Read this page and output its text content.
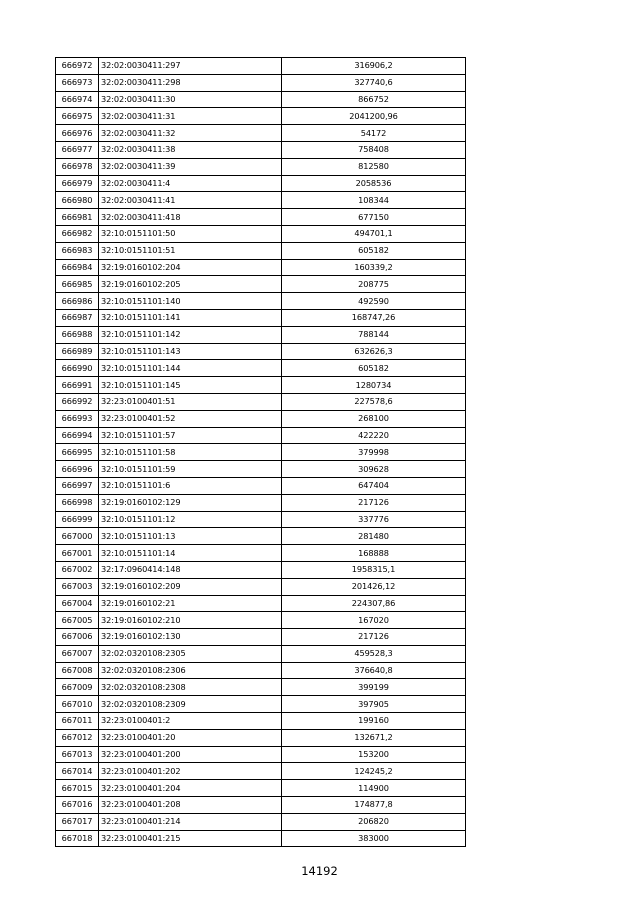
666972	32:02:0030411:297	316906,2
666973	32:02:0030411:298	327740,6
666974	32:02:0030411:30	866752
666975	32:02:0030411:31	2041200,96
666976	32:02:0030411:32	54172
666977	32:02:0030411:38	758408
666978	32:02:0030411:39	812580
666979	32:02:0030411:4	2058536
666980	32:02:0030411:41	108344
666981	32:02:0030411:418	677150
666982	32:10:0151101:50	494701,1
666983	32:10:0151101:51	605182
666984	32:19:0160102:204	160339,2
666985	32:19:0160102:205	208775
666986	32:10:0151101:140	492590
666987	32:10:0151101:141	168747,26
666988	32:10:0151101:142	788144
666989	32:10:0151101:143	632626,3
666990	32:10:0151101:144	605182
666991	32:10:0151101:145	1280734
666992	32:23:0100401:51	227578,6
666993	32:23:0100401:52	268100
666994	32:10:0151101:57	422220
666995	32:10:0151101:58	379998
666996	32:10:0151101:59	309628
666997	32:10:0151101:6	647404
666998	32:19:0160102:129	217126
666999	32:10:0151101:12	337776
667000	32:10:0151101:13	281480
667001	32:10:0151101:14	168888
667002	32:17:0960414:148	1958315,1
667003	32:19:0160102:209	201426,12
667004	32:19:0160102:21	224307,86
667005	32:19:0160102:210	167020
667006	32:19:0160102:130	217126
667007	32:02:0320108:2305	459528,3
667008	32:02:0320108:2306	376640,8
667009	32:02:0320108:2308	399199
667010	32:02:0320108:2309	397905
667011	32:23:0100401:2	199160
667012	32:23:0100401:20	132671,2
667013	32:23:0100401:200	153200
667014	32:23:0100401:202	124245,2
667015	32:23:0100401:204	114900
667016	32:23:0100401:208	174877,8
667017	32:23:0100401:214	206820
667018	32:23:0100401:215	383000
14192
